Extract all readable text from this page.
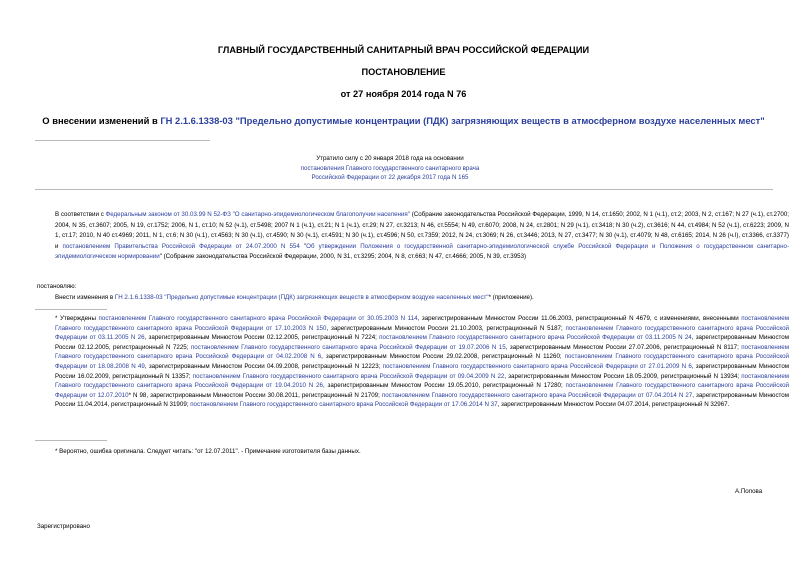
ГЛАВНЫЙ ГОСУДАРСТВЕННЫЙ САНИТАРНЫЙ ВРАЧ РОССИЙСКОЙ ФЕДЕРАЦИИ
ПОСТАНОВЛЕНИЕ
от 27 ноября 2014 года N 76
О внесении изменений в ГН 2.1.6.1338-03 "Предельно допустимые концентрации (ПДК) загрязняющих веществ в атмосферном воздухе населенных мест"
Утратило силу с 20 января 2018 года на основании
постановления Главного государственного санитарного врача
Российской Федерации от 22 декабря 2017 года N 165
В соответствии с Федеральным законом от 30.03.99 N 52-ФЗ "О санитарно-эпидемиологическом благополучии населения" (Собрание законодательства Российской Федерации, 1999, N 14, ст.1650; 2002, N 1 (ч.1), ст.2; 2003, N 2, ст.167; N 27 (ч.1), ст.2700; 2004, N 35, ст.3607; 2005, N 19, ст.1752; 2006, N 1, ст.10; N 52 (ч.1), ст.5498; 2007 N 1 (ч.1), ст.21; N 1 (ч.1), ст.29; N 27, ст.3213; N 46, ст.5554; N 49, ст.6070; 2008, N 24, ст.2801; N 29 (ч.1), ст.3418; N 30 (ч.2), ст.3616; N 44, ст.4984; N 52 (ч.1), ст.6223; 2009, N 1, ст.17; 2010, N 40 ст.4969; 2011, N 1, ст.6; N 30 (ч.1), ст.4563; N 30 (ч.1), ст.4590; N 30 (ч.1), ст.4591; N 30 (ч.1), ст.4596; N 50, ст.7359; 2012, N 24, ст.3069; N 26, ст.3446; 2013, N 27, ст.3477; N 30 (ч.1), ст.4079; N 48, ст.6165; 2014, N 26 (ч.I), ст.3366, ст.3377) и постановлением Правительства Российской Федерации от 24.07.2000 N 554 "Об утверждении Положения о государственной санитарно-эпидемиологической службе Российской Федерации и Положения о государственном санитарно-эпидемиологическом нормировании" (Собрание законодательства Российской Федерации, 2000, N 31, ст.3295; 2004, N 8, ст.663; N 47, ст.4666; 2005, N 39, ст.3953)
постановляю:
Внести изменения в ГН 2.1.6.1338-03 "Предельно допустимые концентрации (ПДК) загрязняющих веществ в атмосферном воздухе населенных мест"* (приложение).
* Утверждены постановлением Главного государственного санитарного врача Российской Федерации от 30.05.2003 N 114, зарегистрированным Минюстом России 11.06.2003, регистрационный N 4679, с изменениями, внесенными постановлением Главного государственного санитарного врача Российской Федерации от 17.10.2003 N 150, зарегистрированным Минюстом России 21.10.2003, регистрационный N 5187; постановлением Главного государственного санитарного врача Российской Федерации от 03.11.2005 N 26, зарегистрированным Минюстом России 02.12.2005, регистрационный N 7224; постановлением Главного государственного санитарного врача Российской Федерации от 03.11.2005 N 24, зарегистрированным Минюстом России 02.12.2005, регистрационный N 7225; постановлением Главного государственного санитарного врача Российской Федерации от 19.07.2006 N 15, зарегистрированным Минюстом России 27.07.2006, регистрационный N 8117; постановлением Главного государственного санитарного врача Российской Федерации от 04.02.2008 N 6, зарегистрированным Минюстом России 29.02.2008, регистрационный N 11260; постановлением Главного государственного санитарного врача Российской Федерации от 18.08.2008 N 49, зарегистрированным Минюстом России 04.09.2008, регистрационный N 12223; постановлением Главного государственного санитарного врача Российской Федерации от 27.01.2009 N 6, зарегистрированным Минюстом России 16.02.2009, регистрационный N 13357; постановлением Главного государственного санитарного врача Российской Федерации от 09.04.2009 N 22, зарегистрированным Минюстом России 18.05.2009, регистрационный N 13934; постановлением Главного государственного санитарного врача Российской Федерации от 19.04.2010 N 26, зарегистрированным Минюстом России 19.05.2010, регистрационный N 17280; постановлением Главного государственного санитарного врача Российской Федерации от 12.07.2010* N 98, зарегистрированным Минюстом России 30.08.2011, регистрационный N 21709; постановлением Главного государственного санитарного врача Российской Федерации от 07.04.2014 N 27, зарегистрированным Минюстом России 11.04.2014, регистрационный N 31909; постановлением Главного государственного санитарного врача Российской Федерации от 17.06.2014 N 37, зарегистрированным Минюстом России 04.07.2014, регистрационный N 32967.
* Вероятно, ошибка оригинала. Следует читать: "от 12.07.2011". - Примечание изготовителя базы данных.
А.Попова
Зарегистрировано
